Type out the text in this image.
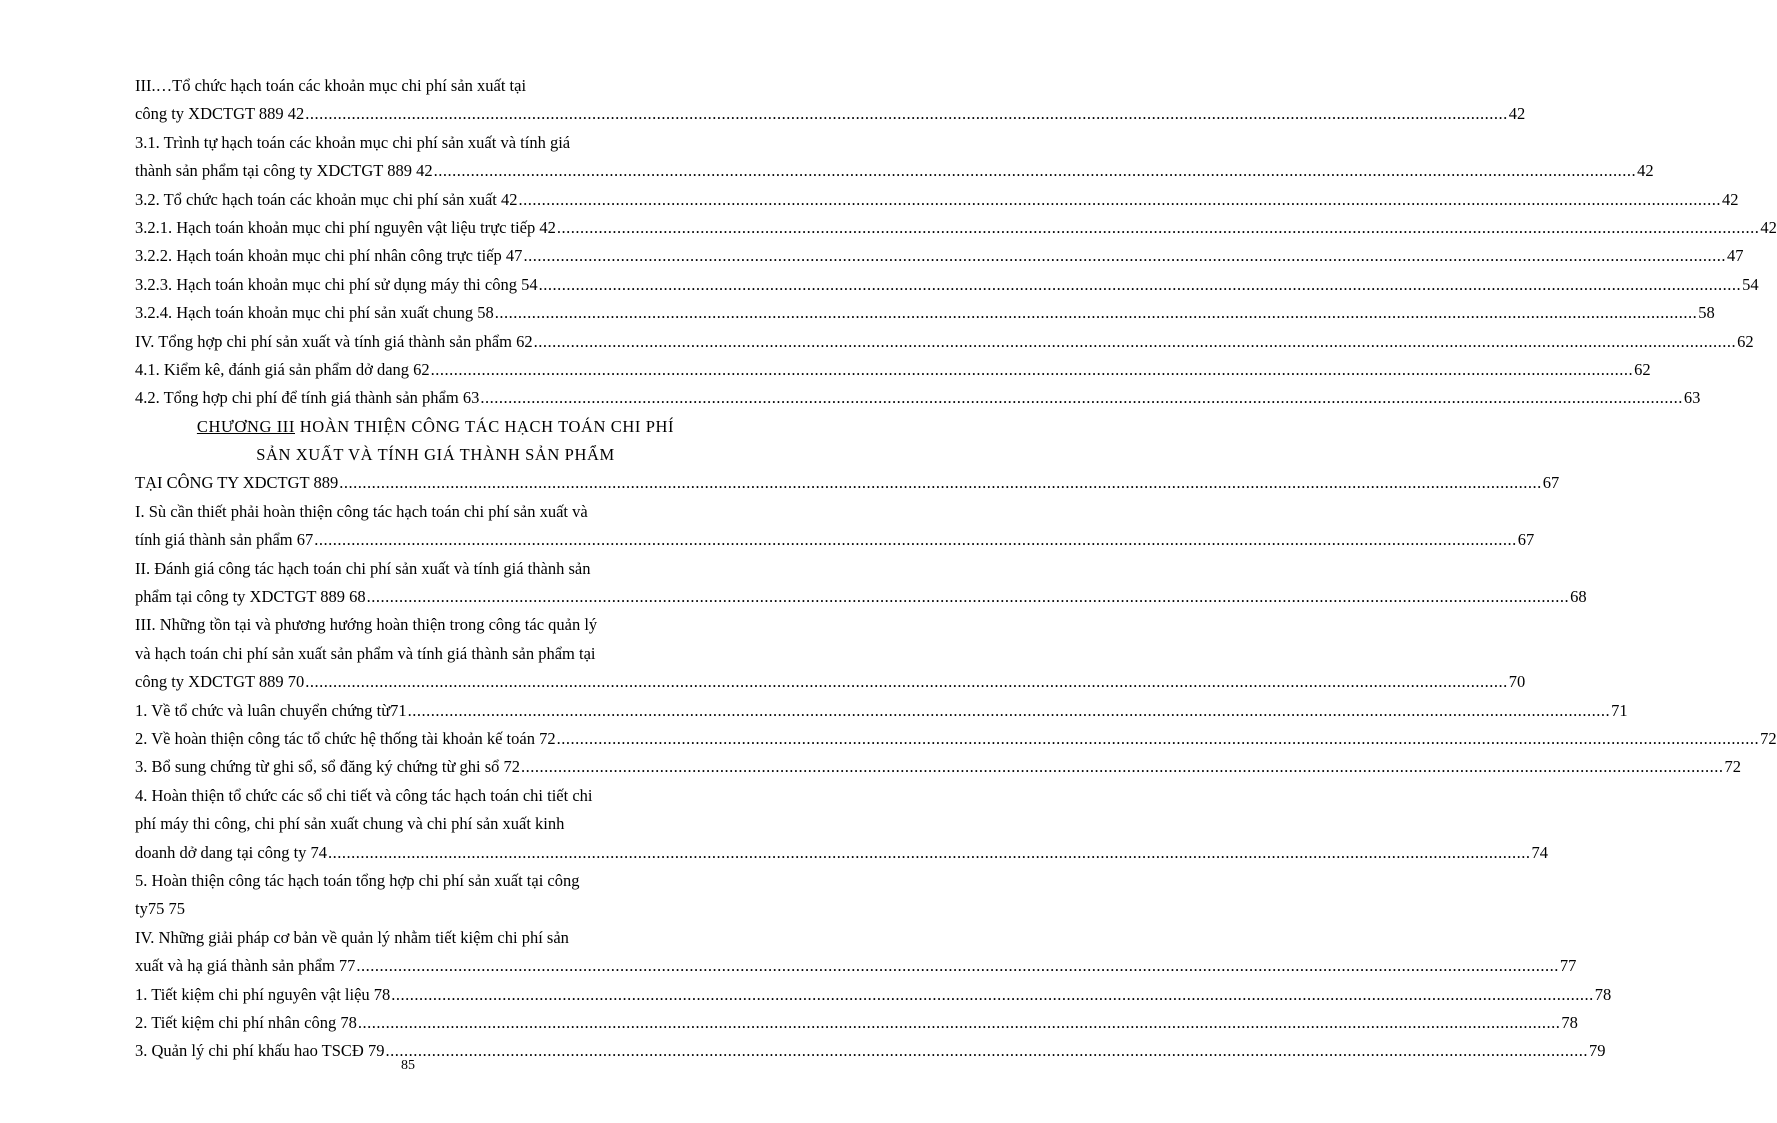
III.…Tổ chức hạch toán các khoản mục chi phí sản xuất tại
công ty XDCTGT 889 42 .................................................................................................................................................................................................................................................................... 42
3.1. Trình tự hạch toán các khoản mục chi phí sản xuất và tính giá
thành sản phẩm tại công ty XDCTGT 889 42 .................................................................................................................................................................................................................................................................... 42
3.2. Tổ chức hạch toán các khoản mục chi phí sản xuất 42 .................................................................................................................................................................................................................................................................... 42
3.2.1. Hạch toán khoản mục chi phí nguyên vật liệu trực tiếp 42 .................................................................................................................................................................................................................................................................... 42
3.2.2. Hạch toán khoản mục chi phí nhân công trực tiếp 47 .................................................................................................................................................................................................................................................................... 47
3.2.3. Hạch toán khoản mục chi phí sử dụng máy thi công 54 .................................................................................................................................................................................................................................................................... 54
3.2.4. Hạch toán khoản mục chi phí sản xuất chung 58 .................................................................................................................................................................................................................................................................... 58
IV. Tổng hợp chi phí sản xuất và tính giá thành sản phẩm 62 .................................................................................................................................................................................................................................................................... 62
4.1. Kiểm kê, đánh giá sản phẩm dở dang 62 .................................................................................................................................................................................................................................................................... 62
4.2. Tổng hợp chi phí để tính giá thành sản phẩm 63 .................................................................................................................................................................................................................................................................... 63
CHƯƠNG III HOÀN THIỆN CÔNG TÁC HẠCH TOÁN CHI PHÍ
SẢN XUẤT VÀ TÍNH GIÁ THÀNH SẢN PHẨM
TẠI CÔNG TY XDCTGT 889 .................................................................................................................................................................................................................................................................... 67
I. Sù cần thiết phải hoàn thiện công tác hạch toán chi phí sản xuất và
tính giá thành sản phẩm 67 .................................................................................................................................................................................................................................................................... 67
II. Đánh giá công tác hạch toán chi phí sản xuất và tính giá thành sản
phẩm tại công ty XDCTGT 889 68 .................................................................................................................................................................................................................................................................... 68
III. Những tồn tại và phương hướng hoàn thiện trong công tác quản lý
và hạch toán chi phí sản xuất sản phẩm và tính giá thành sản phẩm tại
công ty XDCTGT 889 70 .................................................................................................................................................................................................................................................................... 70
1. Về tổ chức và luân chuyển chứng từ71 .................................................................................................................................................................................................................................................................... 71
2. Về hoàn thiện công tác tổ chức hệ thống tài khoản kế toán 72 .................................................................................................................................................................................................................................................................... 72
3. Bổ sung chứng từ ghi sổ, sổ đăng ký chứng từ ghi sổ 72 .................................................................................................................................................................................................................................................................... 72
4. Hoàn thiện tổ chức các sổ chi tiết và công tác hạch toán chi tiết chi
phí máy thi công, chi phí sản xuất chung và chi phí sản xuất kinh
doanh dở dang tại công ty 74 .................................................................................................................................................................................................................................................................... 74
5. Hoàn thiện công tác hạch toán tổng hợp chi phí sản xuất tại công
ty75 75
IV. Những giải pháp cơ bản về quản lý nhằm tiết kiệm chi phí sản
xuất và hạ giá thành sản phẩm 77 .................................................................................................................................................................................................................................................................... 77
1. Tiết kiệm chi phí nguyên vật liệu 78 .................................................................................................................................................................................................................................................................... 78
2. Tiết kiệm chi phí nhân công 78 .................................................................................................................................................................................................................................................................... 78
3. Quản lý chi phí khấu hao TSCĐ 79 .................................................................................................................................................................................................................................................................... 79
85
